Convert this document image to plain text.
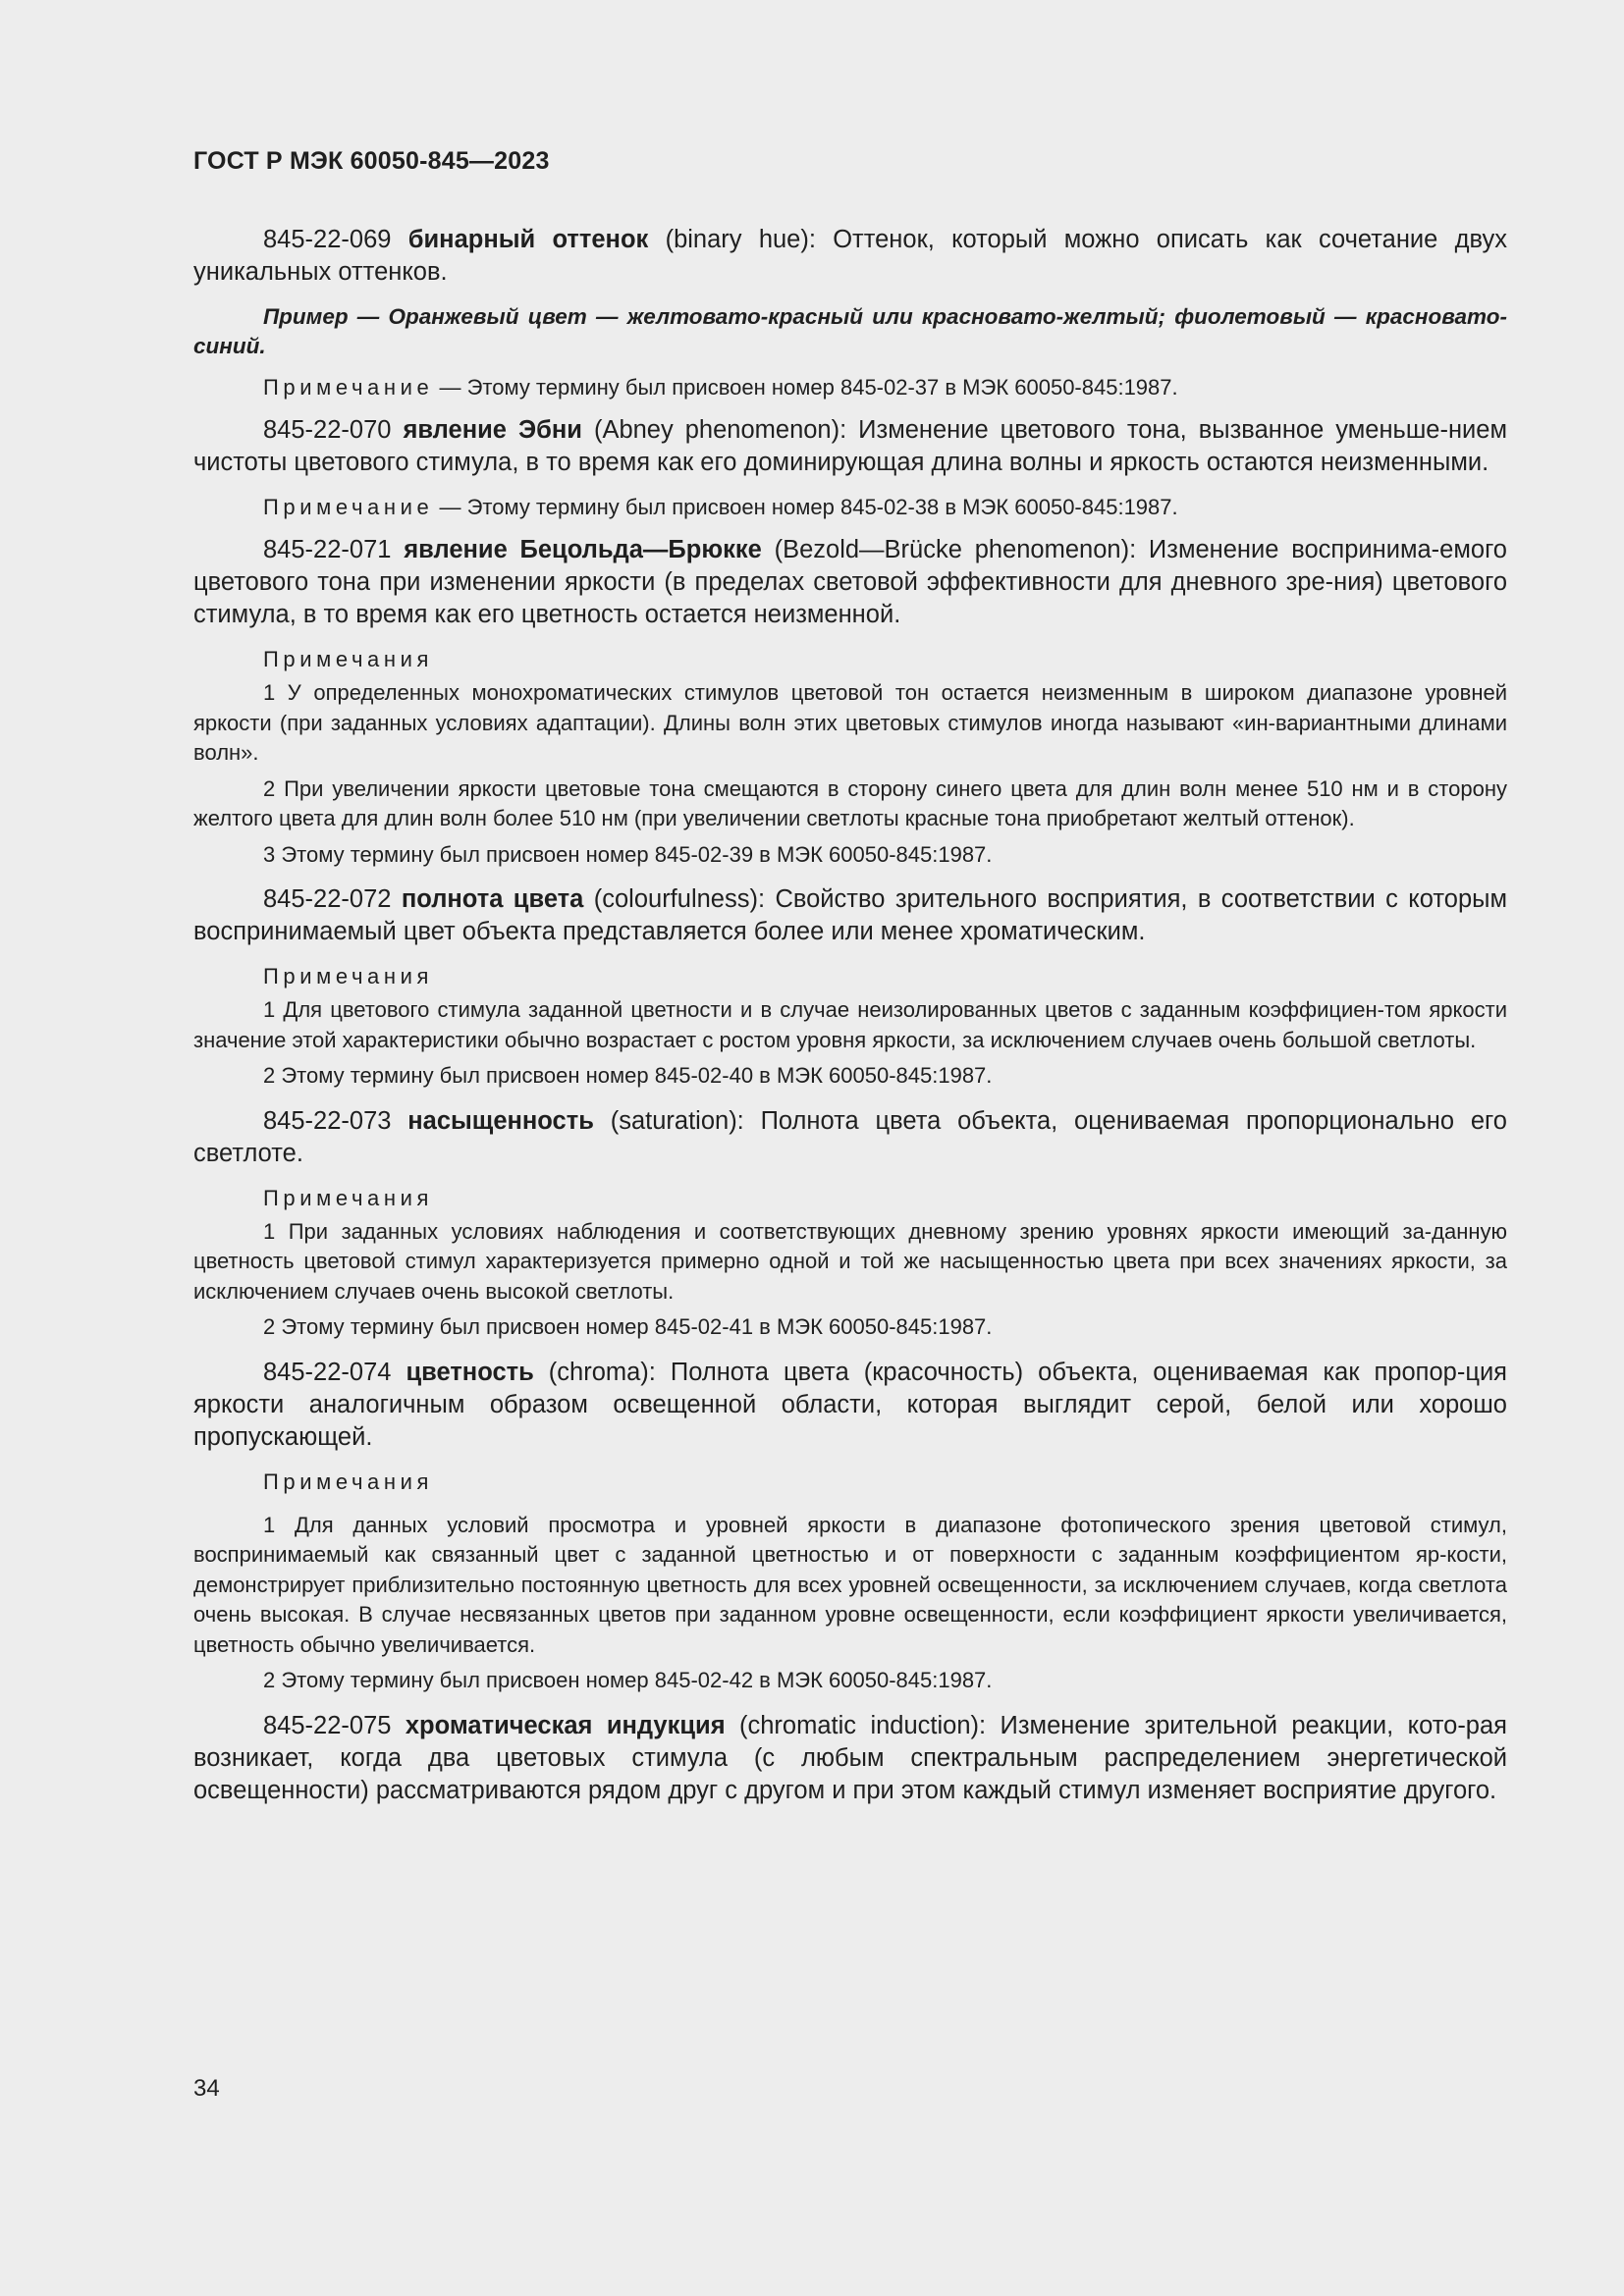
ГОСТ Р МЭК 60050-845—2023

845-22-069 бинарный оттенок (binary hue): Оттенок, который можно описать как сочетание двух уникальных оттенков.

Пример — Оранжевый цвет — желтовато-красный или красновато-желтый; фиолетовый — красновато-синий.

Примечание — Этому термину был присвоен номер 845-02-37 в МЭК 60050-845:1987.

845-22-070 явление Эбни (Abney phenomenon): Изменение цветового тона, вызванное уменьше-нием чистоты цветового стимула, в то время как его доминирующая длина волны и яркость остаются неизменными.

Примечание — Этому термину был присвоен номер 845-02-38 в МЭК 60050-845:1987.

845-22-071 явление Бецольда—Брюкке (Bezold—Brücke phenomenon): Изменение воспринима-емого цветового тона при изменении яркости (в пределах световой эффективности для дневного зре-ния) цветового стимула, в то время как его цветность остается неизменной.

Примечания

1 У определенных монохроматических стимулов цветовой тон остается неизменным в широком диапазоне уровней яркости (при заданных условиях адаптации). Длины волн этих цветовых стимулов иногда называют «ин-вариантными длинами волн».

2 При увеличении яркости цветовые тона смещаются в сторону синего цвета для длин волн менее 510 нм и в сторону желтого цвета для длин волн более 510 нм (при увеличении светлоты красные тона приобретают желтый оттенок).

3 Этому термину был присвоен номер 845-02-39 в МЭК 60050-845:1987.

845-22-072 полнота цвета (colourfulness): Свойство зрительного восприятия, в соответствии с которым воспринимаемый цвет объекта представляется более или менее хроматическим.

Примечания

1 Для цветового стимула заданной цветности и в случае неизолированных цветов с заданным коэффициен-том яркости значение этой характеристики обычно возрастает с ростом уровня яркости, за исключением случаев очень большой светлоты.

2 Этому термину был присвоен номер 845-02-40 в МЭК 60050-845:1987.

845-22-073 насыщенность (saturation): Полнота цвета объекта, оцениваемая пропорционально его светлоте.

Примечания

1 При заданных условиях наблюдения и соответствующих дневному зрению уровнях яркости имеющий за-данную цветность цветовой стимул характеризуется примерно одной и той же насыщенностью цвета при всех значениях яркости, за исключением случаев очень высокой светлоты.

2 Этому термину был присвоен номер 845-02-41 в МЭК 60050-845:1987.

845-22-074 цветность (chroma): Полнота цвета (красочность) объекта, оцениваемая как пропор-ция яркости аналогичным образом освещенной области, которая выглядит серой, белой или хорошо пропускающей.

Примечания

1 Для данных условий просмотра и уровней яркости в диапазоне фотопического зрения цветовой стимул, воспринимаемый как связанный цвет с заданной цветностью и от поверхности с заданным коэффициентом яр-кости, демонстрирует приблизительно постоянную цветность для всех уровней освещенности, за исключением случаев, когда светлота очень высокая. В случае несвязанных цветов при заданном уровне освещенности, если коэффициент яркости увеличивается, цветность обычно увеличивается.

2 Этому термину был присвоен номер 845-02-42 в МЭК 60050-845:1987.

845-22-075 хроматическая индукция (chromatic induction): Изменение зрительной реакции, кото-рая возникает, когда два цветовых стимула (с любым спектральным распределением энергетической освещенности) рассматриваются рядом друг с другом и при этом каждый стимул изменяет восприятие другого.

34
